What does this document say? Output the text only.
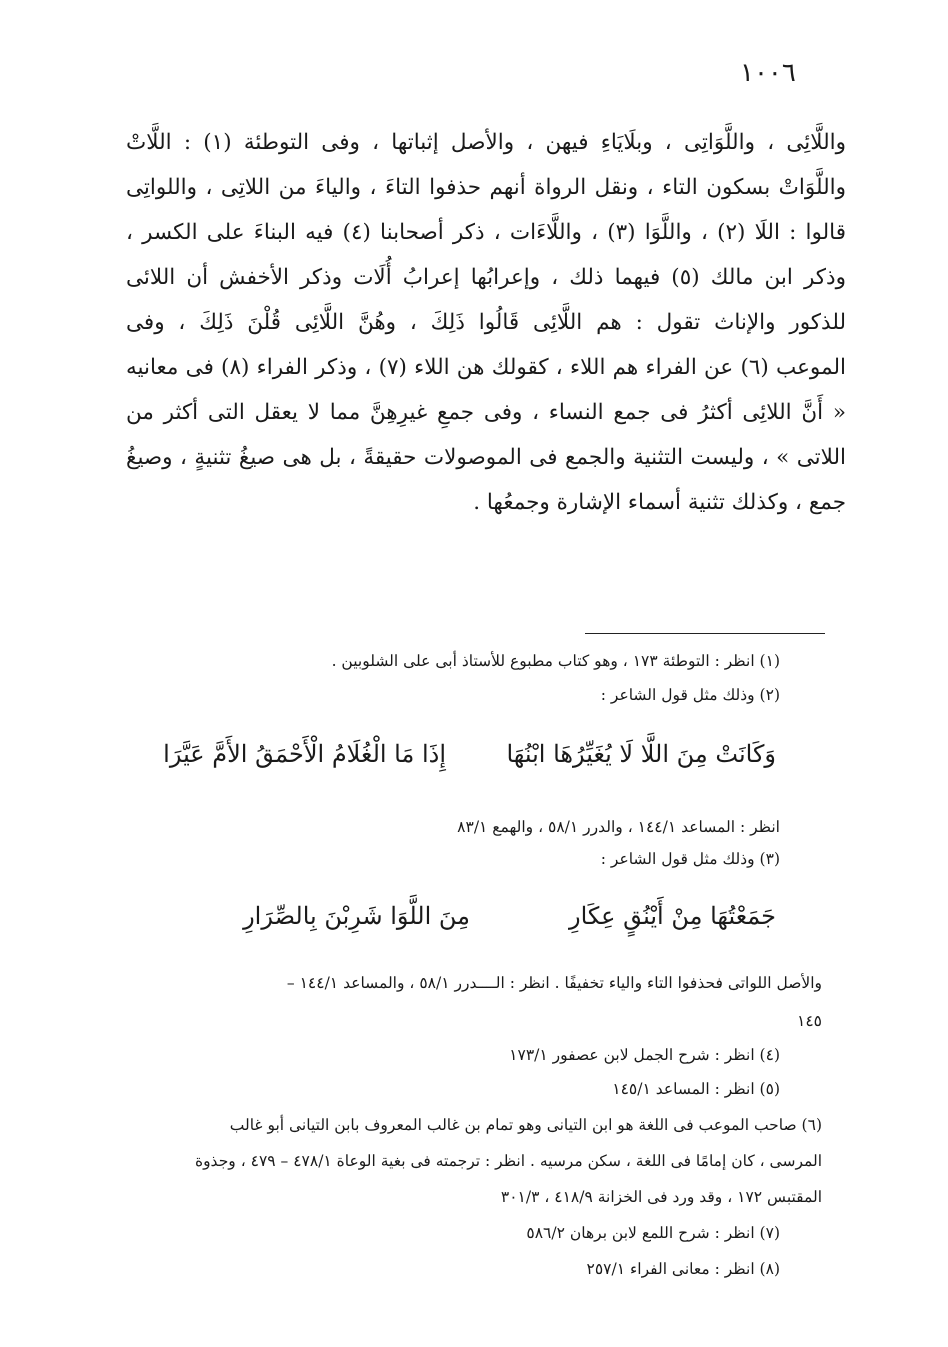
١٠٠٦
واللَّائِى ، واللَّوَاتِى ، وبلَايَاءِ فيهن ، والأصل إثباتها ، وفى التوطئة (١) : اللَّاتْ
واللَّوَاتْ بسكون التاء ، ونقل الرواة أنهم حذفوا التاءَ ، والياءَ من اللاتِى ، واللواتِى
قالوا : اللَا (٢) ، واللَّوَا (٣) ، واللَّاءَات ، ذكر أصحابنا (٤) فيه البناءَ على الكسر ،
وذكر ابن مالك (٥) فيهما ذلك ، وإعرابُها إعرابُ أُلَات وذكر الأخفش أن اللائى
للذكور والإناث تقول : هم اللَّائِى قَالُوا ذَلِكَ ، وهُنَّ اللَّائِى قُلْنَ ذَلِكَ ، وفى
الموعب (٦) عن الفراء هم اللاء ، كقولك هن اللاء (٧) ، وذكر الفراء (٨) فى معانيه
« أَنَّ اللائِى أكثرُ فى جمع النساء ، وفى جمعِ غيرِهِنَّ مما لا يعقل التى أكثر من
اللاتى » ، وليست التثنية والجمع فى الموصولات حقيقةً ، بل هى صيغُ تثنيةٍ ، وصيغُ
جمع ، وكذلك تثنية أسماء الإشارة وجمعُها .
(١) انظر : التوطئة ١٧٣ ، وهو كتاب مطبوع للأستاذ أبى على الشلوبين .
(٢) وذلك مثل قول الشاعر :
وَكَانَتْ مِنَ اللَّا لَا يُغَيِّرُهَا ابْنُهَا
إِذَا مَا الْغُلَامُ الْأَحْمَقُ الأَمَّ عَيَّرَا
انظر : المساعد ١٤٤/١ ، والدرر ٥٨/١ ، والهمع ٨٣/١
(٣) وذلك مثل قول الشاعر :
جَمَعْتُهَا مِنْ أَيْنُقٍ عِكَارِ
مِنَ اللَّوَا شَرِبْنَ بِالصِّرَارِ
والأصل اللواتى فحذفوا التاء والياء تخفيفًا . انظر : الــــدرر ٥٨/١ ، والمساعد ١٤٤/١ –
١٤٥
(٤) انظر : شرح الجمل لابن عصفور ١٧٣/١
(٥) انظر : المساعد ١٤٥/١
(٦) صاحب الموعب فى اللغة هو ابن التيانى وهو تمام بن غالب المعروف بابن التيانى أبو غالب
المرسى ، كان إمامًا فى اللغة ، سكن مرسيه . انظر : ترجمته فى بغية الوعاة ٤٧٨/١ – ٤٧٩ ، وجذوة
المقتبس ١٧٢ ، وقد ورد فى الخزانة ٤١٨/٩ ، ٣٠١/٣
(٧) انظر : شرح اللمع لابن برهان ٥٨٦/٢
(٨) انظر : معانى الفراء ٢٥٧/١
